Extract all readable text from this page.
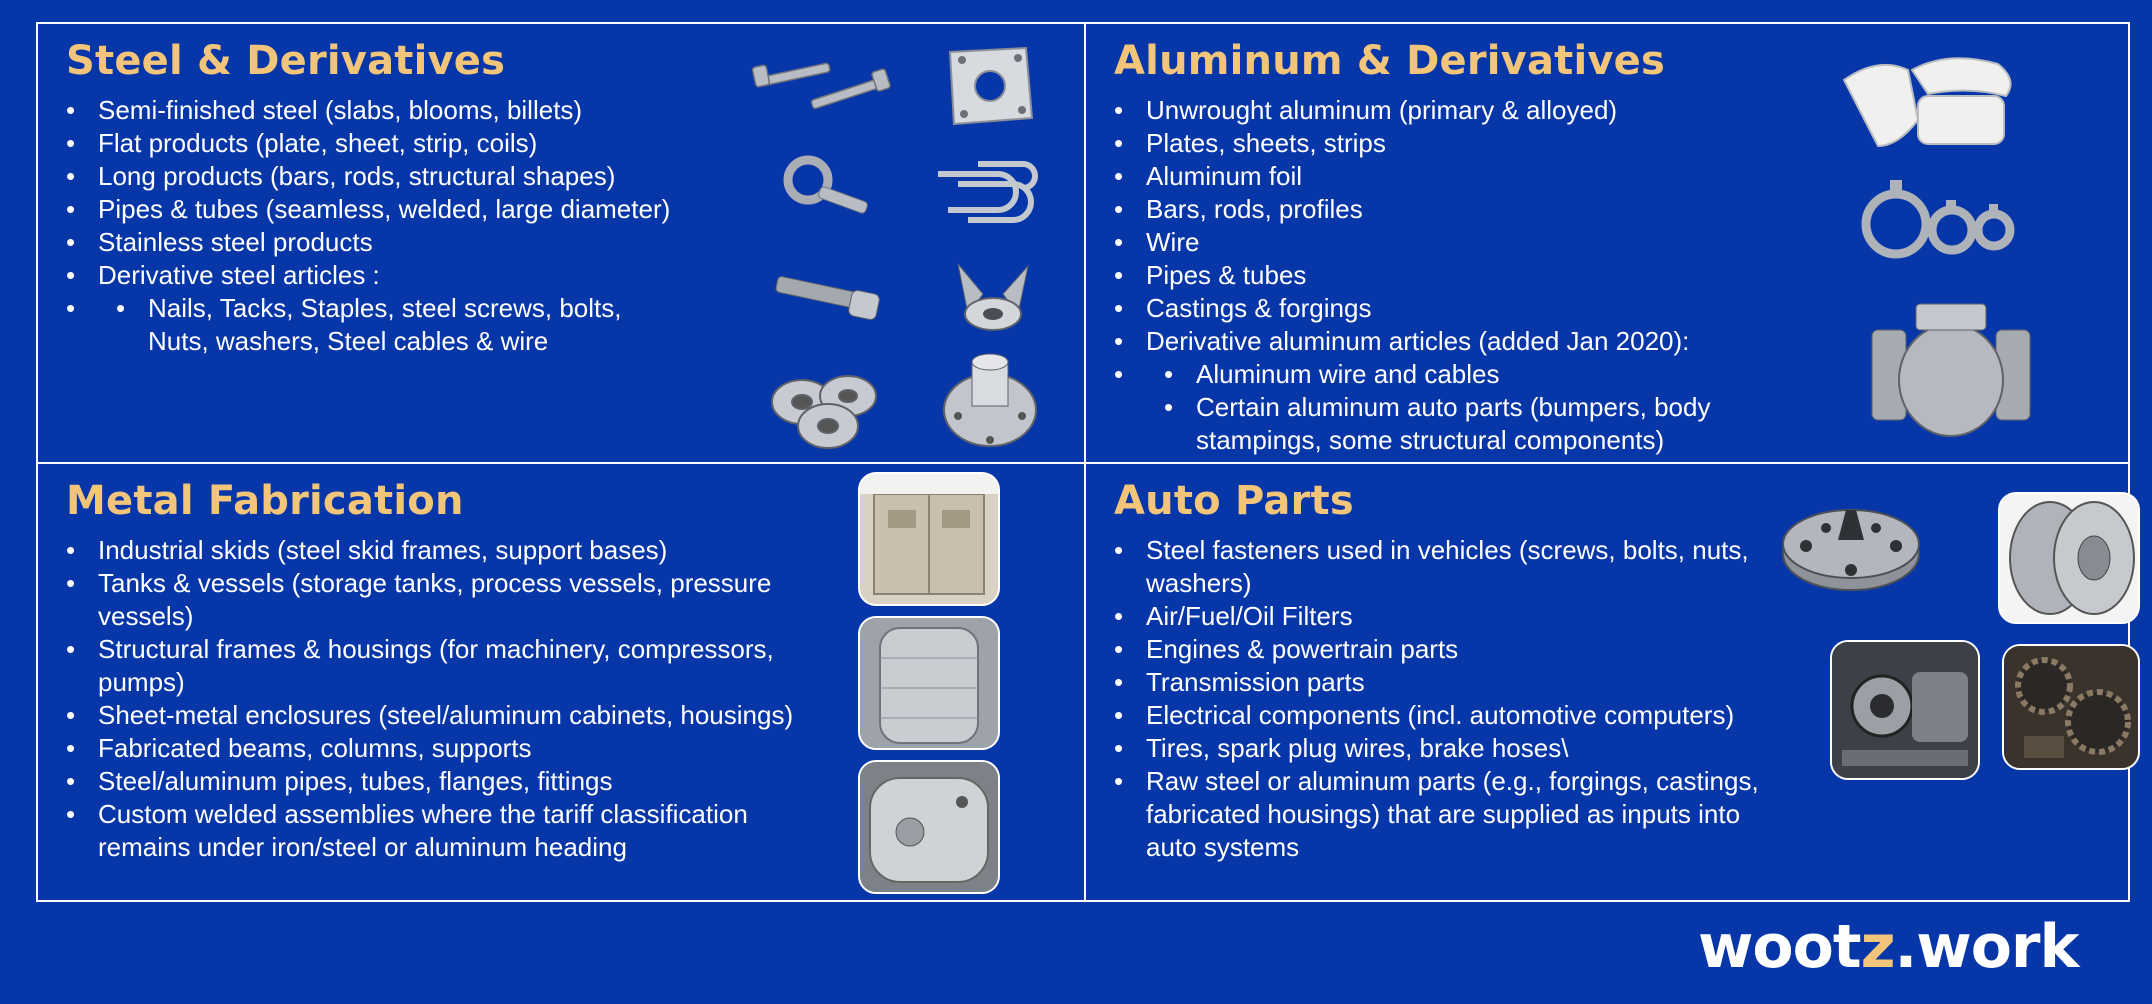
Steel & Derivatives
• Semi-finished steel (slabs, blooms, billets)
• Flat products (plate, sheet, strip, coils)
• Long products (bars, rods, structural shapes)
• Pipes & tubes (seamless, welded, large diameter)
• Stainless steel products
• Derivative steel articles :
• • Nails, Tacks, Staples, steel screws, bolts, Nuts, washers, Steel cables & wire
Aluminum & Derivatives
• Unwrought aluminum (primary & alloyed)
• Plates, sheets, strips
• Aluminum foil
• Bars, rods, profiles
• Wire
• Pipes & tubes
• Castings & forgings
• Derivative aluminum articles (added Jan 2020):
• • Aluminum wire and cables
• Certain aluminum auto parts (bumpers, body stampings, some structural components)
Metal Fabrication
• Industrial skids (steel skid frames, support bases)
• Tanks & vessels (storage tanks, process vessels, pressure vessels)
• Structural frames & housings (for machinery, compressors, pumps)
• Sheet-metal enclosures (steel/aluminum cabinets, housings)
• Fabricated beams, columns, supports
• Steel/aluminum pipes, tubes, flanges, fittings
• Custom welded assemblies where the tariff classification remains under iron/steel or aluminum heading
Auto Parts
• Steel fasteners used in vehicles (screws, bolts, nuts, washers)
• Air/Fuel/Oil Filters
• Engines & powertrain parts
• Transmission parts
• Electrical components (incl. automotive computers)
• Tires, spark plug wires, brake hoses\
• Raw steel or aluminum parts (e.g., forgings, castings, fabricated housings) that are supplied as inputs into auto systems
wootz.work
